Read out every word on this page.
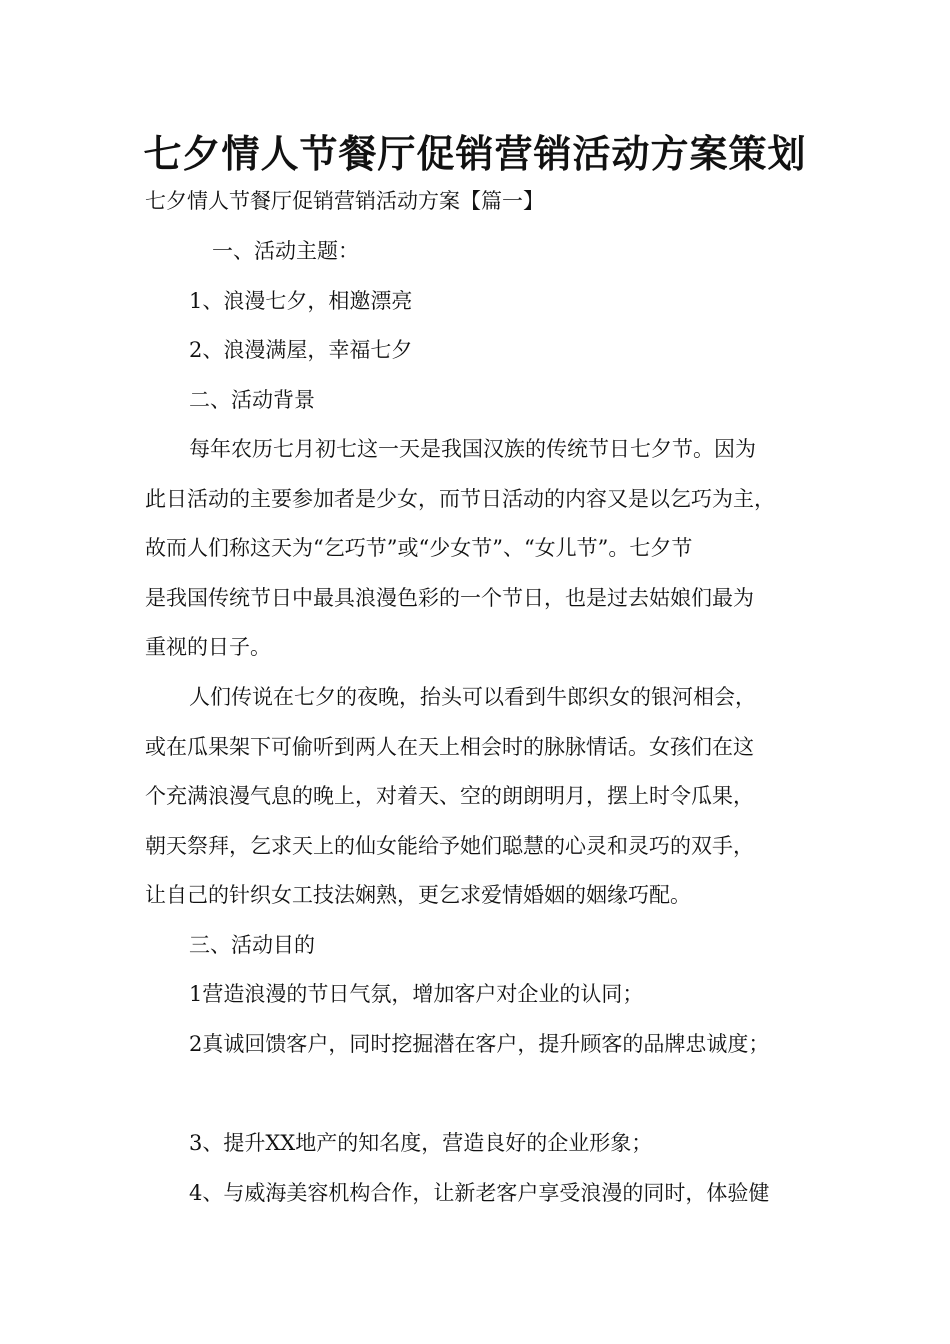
七夕情人节餐厅促销营销活动方案策划
七夕情人节餐厅促销营销活动方案【篇一】
一、活动主题：
1、浪漫七夕，相邀漂亮
2、浪漫满屋，幸福七夕
二、活动背景
每年农历七月初七这一天是我国汉族的传统节日七夕节。因为
此日活动的主要参加者是少女，而节日活动的内容又是以乞巧为主，
故而人们称这天为“乞巧节”或“少女节”、“女儿节”。七夕节
是我国传统节日中最具浪漫色彩的一个节日，也是过去姑娘们最为
重视的日子。
人们传说在七夕的夜晚，抬头可以看到牛郎织女的银河相会，
或在瓜果架下可偷听到两人在天上相会时的脉脉情话。女孩们在这
个充满浪漫气息的晚上，对着天、空的朗朗明月，摆上时令瓜果，
朝天祭拜，乞求天上的仙女能给予她们聪慧的心灵和灵巧的双手，
让自己的针织女工技法娴熟，更乞求爱情婚姻的姻缘巧配。
三、活动目的
1营造浪漫的节日气氛，增加客户对企业的认同；
2真诚回馈客户，同时挖掘潜在客户，提升顾客的品牌忠诚度；
3、提升XX地产的知名度，营造良好的企业形象；
4、与威海美容机构合作，让新老客户享受浪漫的同时，体验健
